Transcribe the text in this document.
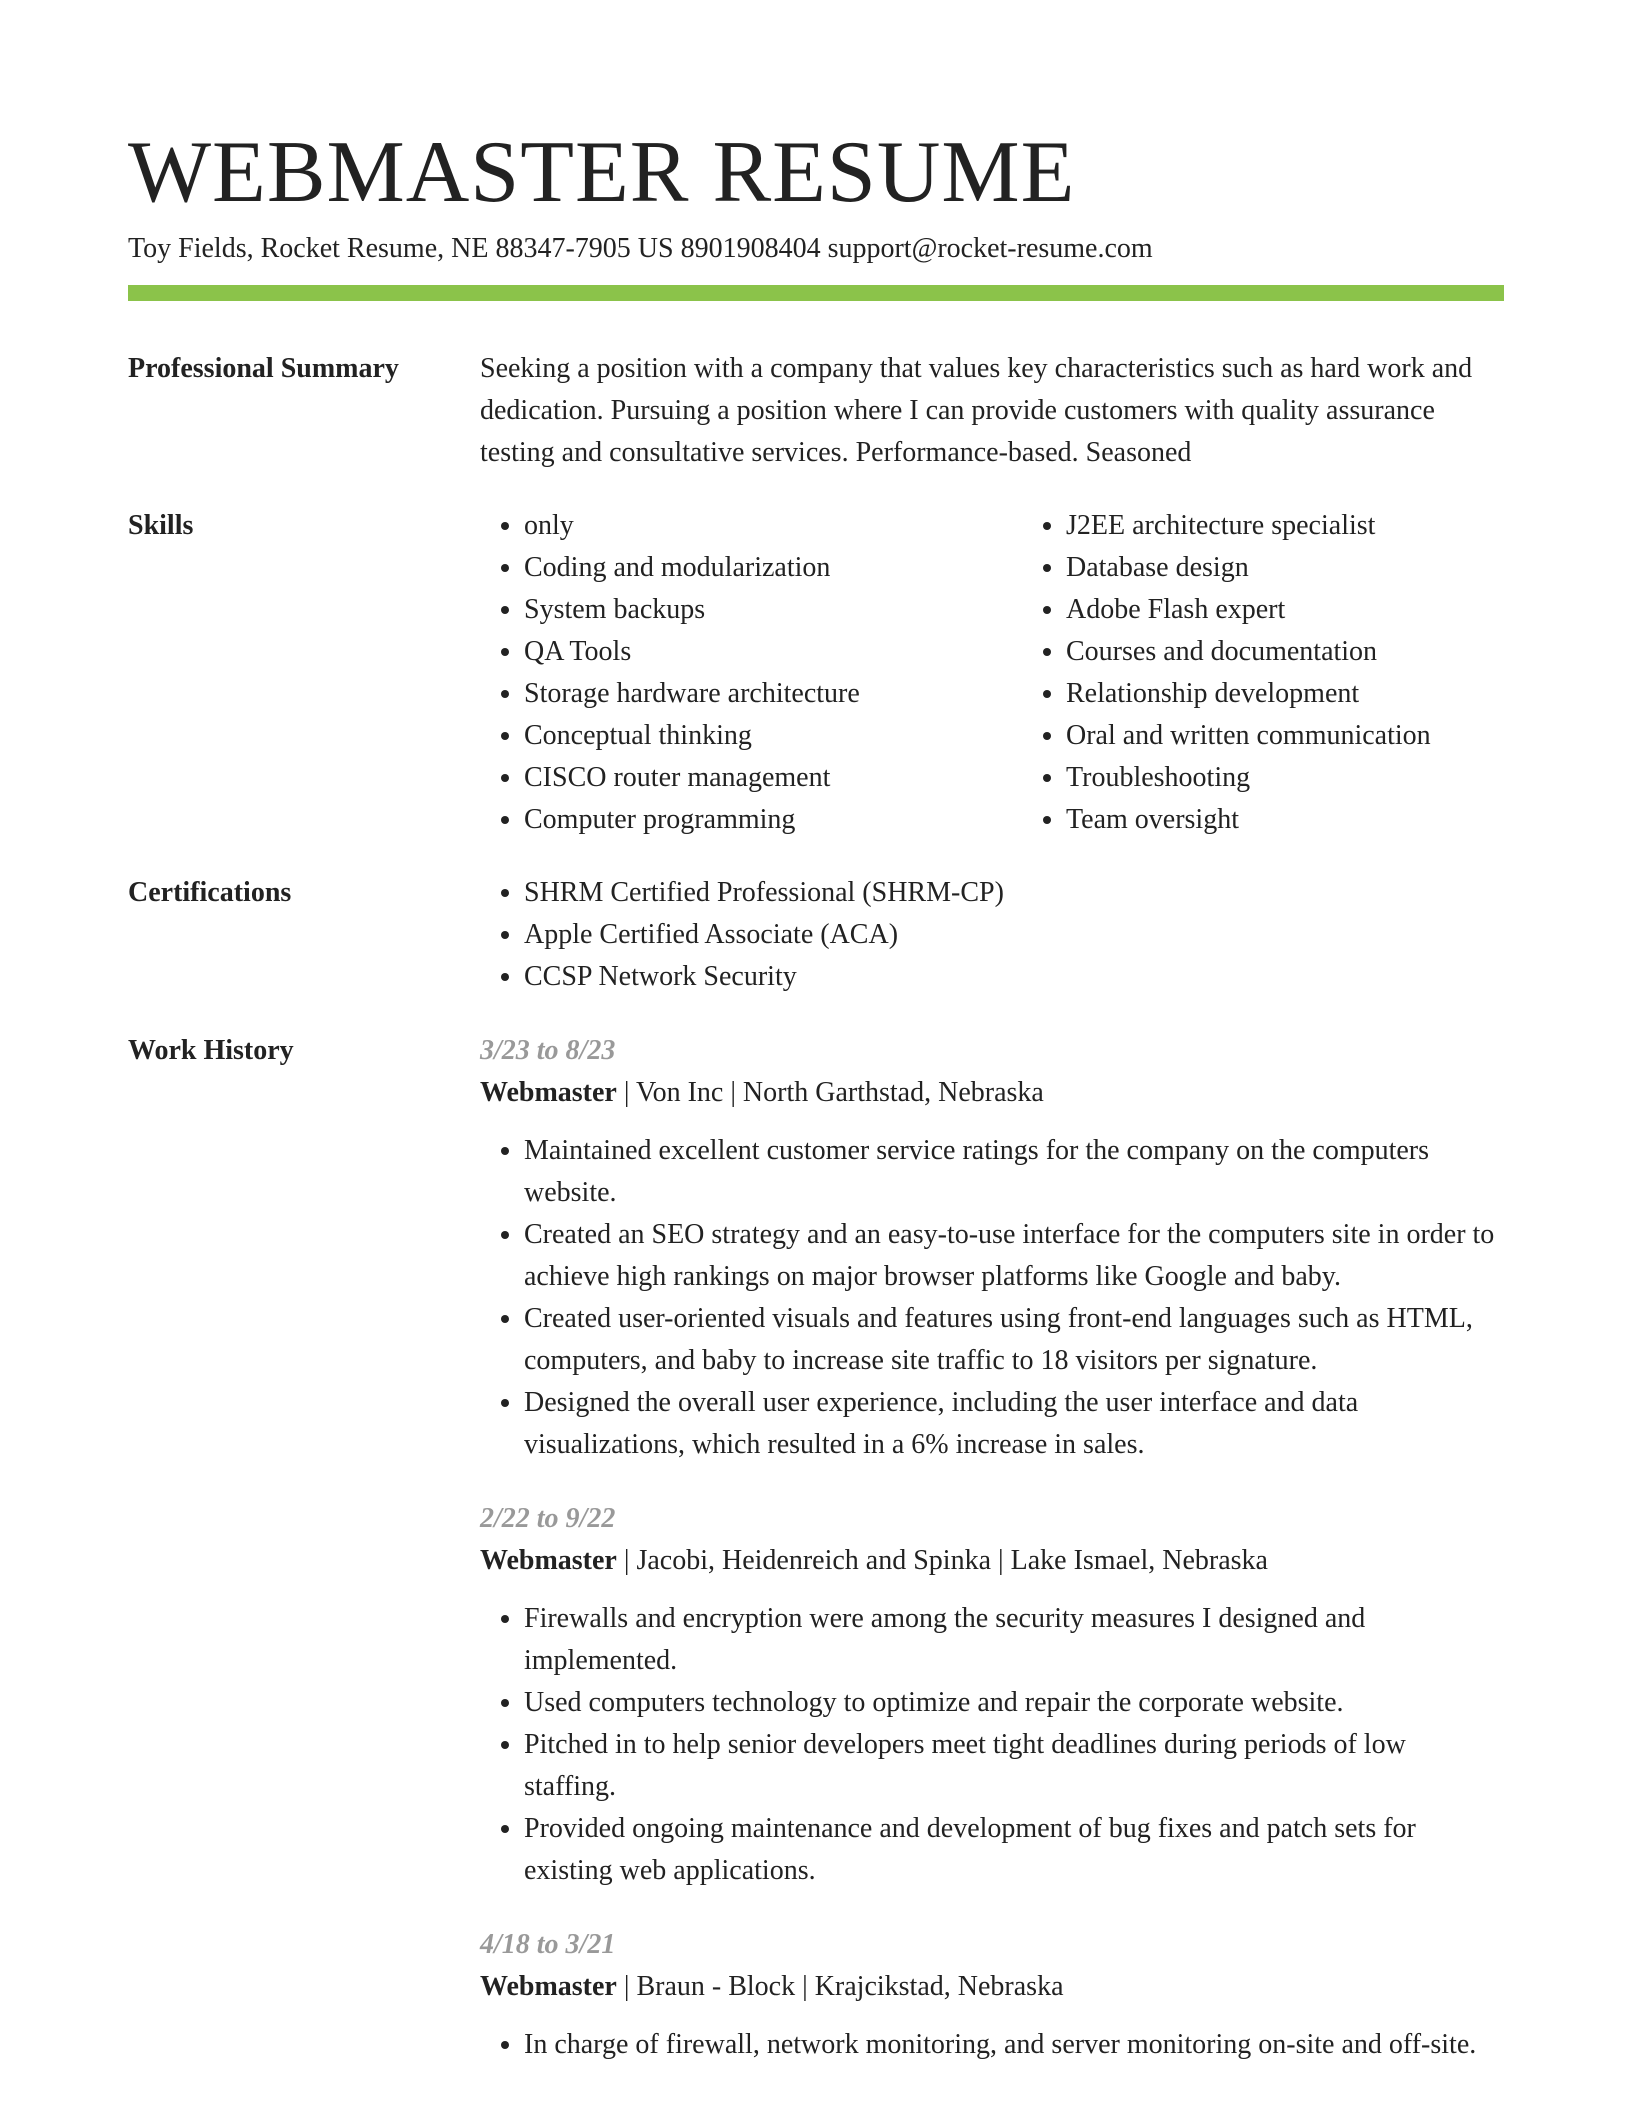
WEBMASTER RESUME
Toy Fields, Rocket Resume, NE 88347-7905 US 8901908404 support@rocket-resume.com
Professional Summary	Seeking a position with a company that values key characteristics such as hard work and dedication. Pursuing a position where I can provide customers with quality assurance testing and consultative services. Performance-based. Seasoned

Skills	• only
• Coding and modularization
• System backups
• QA Tools
• Storage hardware architecture
• Conceptual thinking
• CISCO router management
• Computer programming
• J2EE architecture specialist
• Database design
• Adobe Flash expert
• Courses and documentation
• Relationship development
• Oral and written communication
• Troubleshooting
• Team oversight
Certifications	• SHRM Certified Professional (SHRM-CP)
• Apple Certified Associate (ACA)
• CCSP Network Security
Work History	3/23 to 8/23
Webmaster | Von Inc | North Garthstad, Nebraska
• Maintained excellent customer service ratings for the company on the computers website.
• Created an SEO strategy and an easy-to-use interface for the computers site in order to achieve high rankings on major browser platforms like Google and baby.
• Created user-oriented visuals and features using front-end languages such as HTML, computers, and baby to increase site traffic to 18 visitors per signature.
• Designed the overall user experience, including the user interface and data visualizations, which resulted in a 6% increase in sales.
2/22 to 9/22
Webmaster | Jacobi, Heidenreich and Spinka | Lake Ismael, Nebraska
• Firewalls and encryption were among the security measures I designed and implemented.
• Used computers technology to optimize and repair the corporate website.
• Pitched in to help senior developers meet tight deadlines during periods of low staffing.
• Provided ongoing maintenance and development of bug fixes and patch sets for existing web applications.
4/18 to 3/21
Webmaster | Braun - Block | Krajcikstad, Nebraska
• In charge of firewall, network monitoring, and server monitoring on-site and off-site.
